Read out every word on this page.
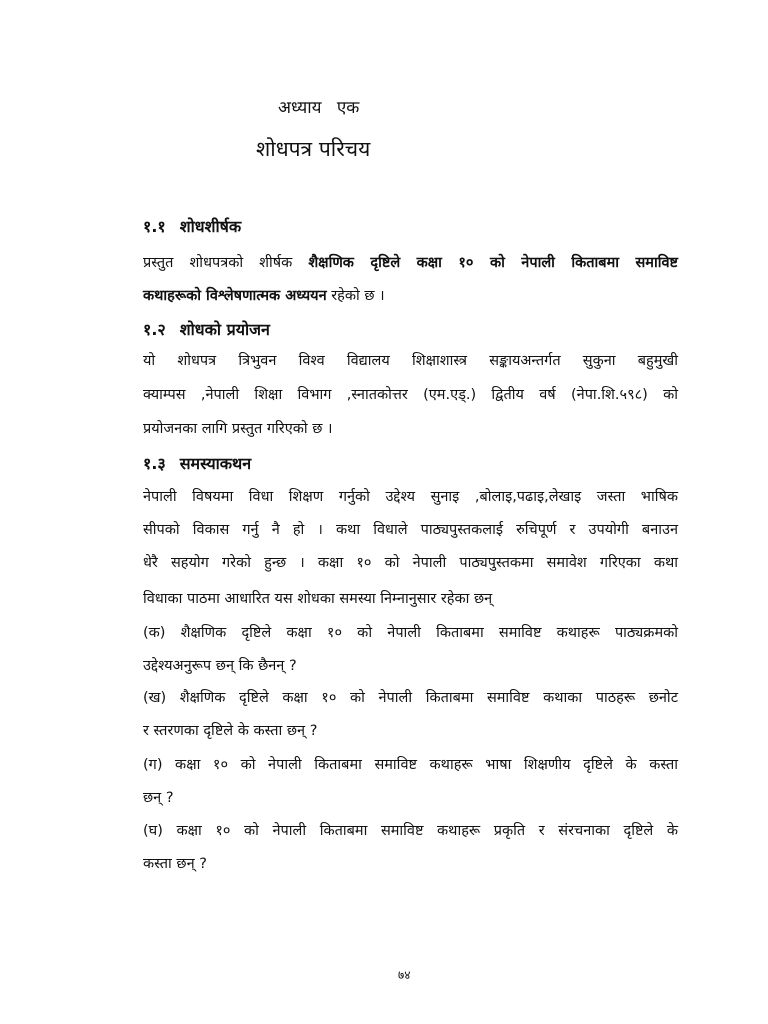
अध्याय एक
शोधपत्र परिचय
१.१ शोधशीर्षक
प्रस्तुत शोधपत्रको शीर्षक शैक्षणिक दृष्टिले कक्षा १० को नेपाली किताबमा समाविष्ट
कथाहरूको विश्लेषणात्मक अध्ययन रहेको छ ।
१.२ शोधको प्रयोजन
यो शोधपत्र त्रिभुवन विश्व विद्यालय शिक्षाशास्त्र सङ्कायअन्तर्गत सुकुना बहुमुखी
क्याम्पस ,नेपाली शिक्षा विभाग ,स्नातकोत्तर (एम.एड्.) द्वितीय वर्ष (नेपा.शि.५९८) को
प्रयोजनका लागि प्रस्तुत गरिएको छ ।
१.३ समस्याकथन
नेपाली विषयमा विधा शिक्षण गर्नुको उद्देश्य सुनाइ ,बोलाइ,पढाइ,लेखाइ जस्ता भाषिक
सीपको विकास गर्नु नै हो । कथा विधाले पाठ्यपुस्तकलाई रुचिपूर्ण र उपयोगी बनाउन
धेरै सहयोग गरेको हुन्छ । कक्षा १० को नेपाली पाठ्यपुस्तकमा समावेश गरिएका कथा
विधाका पाठमा आधारित यस शोधका समस्या निम्नानुसार रहेका छन्
(क) शैक्षणिक दृष्टिले कक्षा १० को नेपाली किताबमा समाविष्ट कथाहरू पाठ्यक्रमको
उद्देश्यअनुरूप छन् कि छैनन् ?
(ख) शैक्षणिक दृष्टिले कक्षा १० को नेपाली किताबमा समाविष्ट कथाका पाठहरू छनोट
र स्तरणका दृष्टिले के कस्ता छन् ?
(ग) कक्षा १० को नेपाली किताबमा समाविष्ट कथाहरू भाषा शिक्षणीय दृष्टिले के कस्ता
छन् ?
(घ) कक्षा १० को नेपाली किताबमा समाविष्ट कथाहरू प्रकृति र संरचनाका दृष्टिले के
कस्ता छन् ?
७४
